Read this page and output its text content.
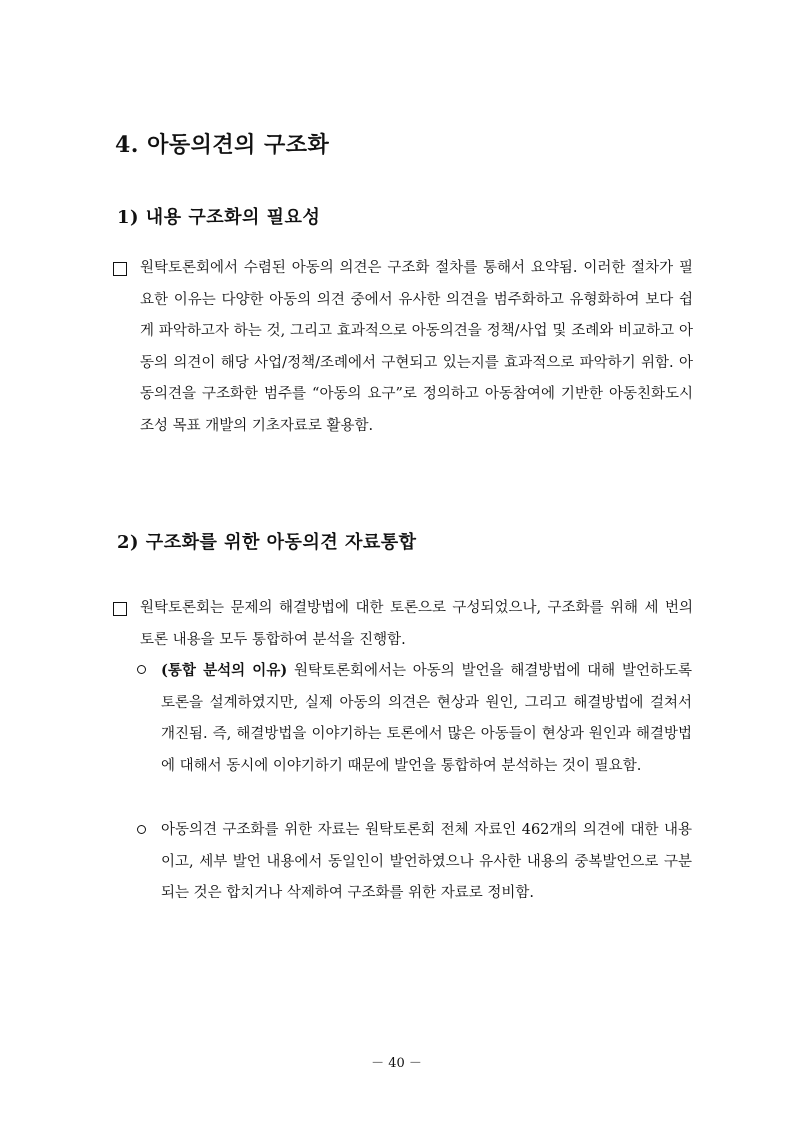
4. 아동의견의 구조화
1) 내용 구조화의 필요성
원탁토론회에서 수렴된 아동의 의견은 구조화 절차를 통해서 요약됨. 이러한 절차가 필요한 이유는 다양한 아동의 의견 중에서 유사한 의견을 범주화하고 유형화하여 보다 쉽게 파악하고자 하는 것, 그리고 효과적으로 아동의견을 정책/사업 및 조례와 비교하고 아동의 의견이 해당 사업/정책/조례에서 구현되고 있는지를 효과적으로 파악하기 위함. 아동의견을 구조화한 범주를 “아동의 요구”로 정의하고 아동참여에 기반한 아동친화도시 조성 목표 개발의 기초자료로 활용함.
2) 구조화를 위한 아동의견 자료통합
원탁토론회는 문제의 해결방법에 대한 토론으로 구성되었으나, 구조화를 위해 세 번의 토론 내용을 모두 통합하여 분석을 진행함.
(통합 분석의 이유) 원탁토론회에서는 아동의 발언을 해결방법에 대해 발언하도록 토론을 설계하였지만, 실제 아동의 의견은 현상과 원인, 그리고 해결방법에 걸쳐서 개진됨. 즉, 해결방법을 이야기하는 토론에서 많은 아동들이 현상과 원인과 해결방법에 대해서 동시에 이야기하기 때문에 발언을 통합하여 분석하는 것이 필요함.
아동의견 구조화를 위한 자료는 원탁토론회 전체 자료인 462개의 의견에 대한 내용이고, 세부 발언 내용에서 동일인이 발언하였으나 유사한 내용의 중복발언으로 구분되는 것은 합치거나 삭제하여 구조화를 위한 자료로 정비함.
－ 40 －
